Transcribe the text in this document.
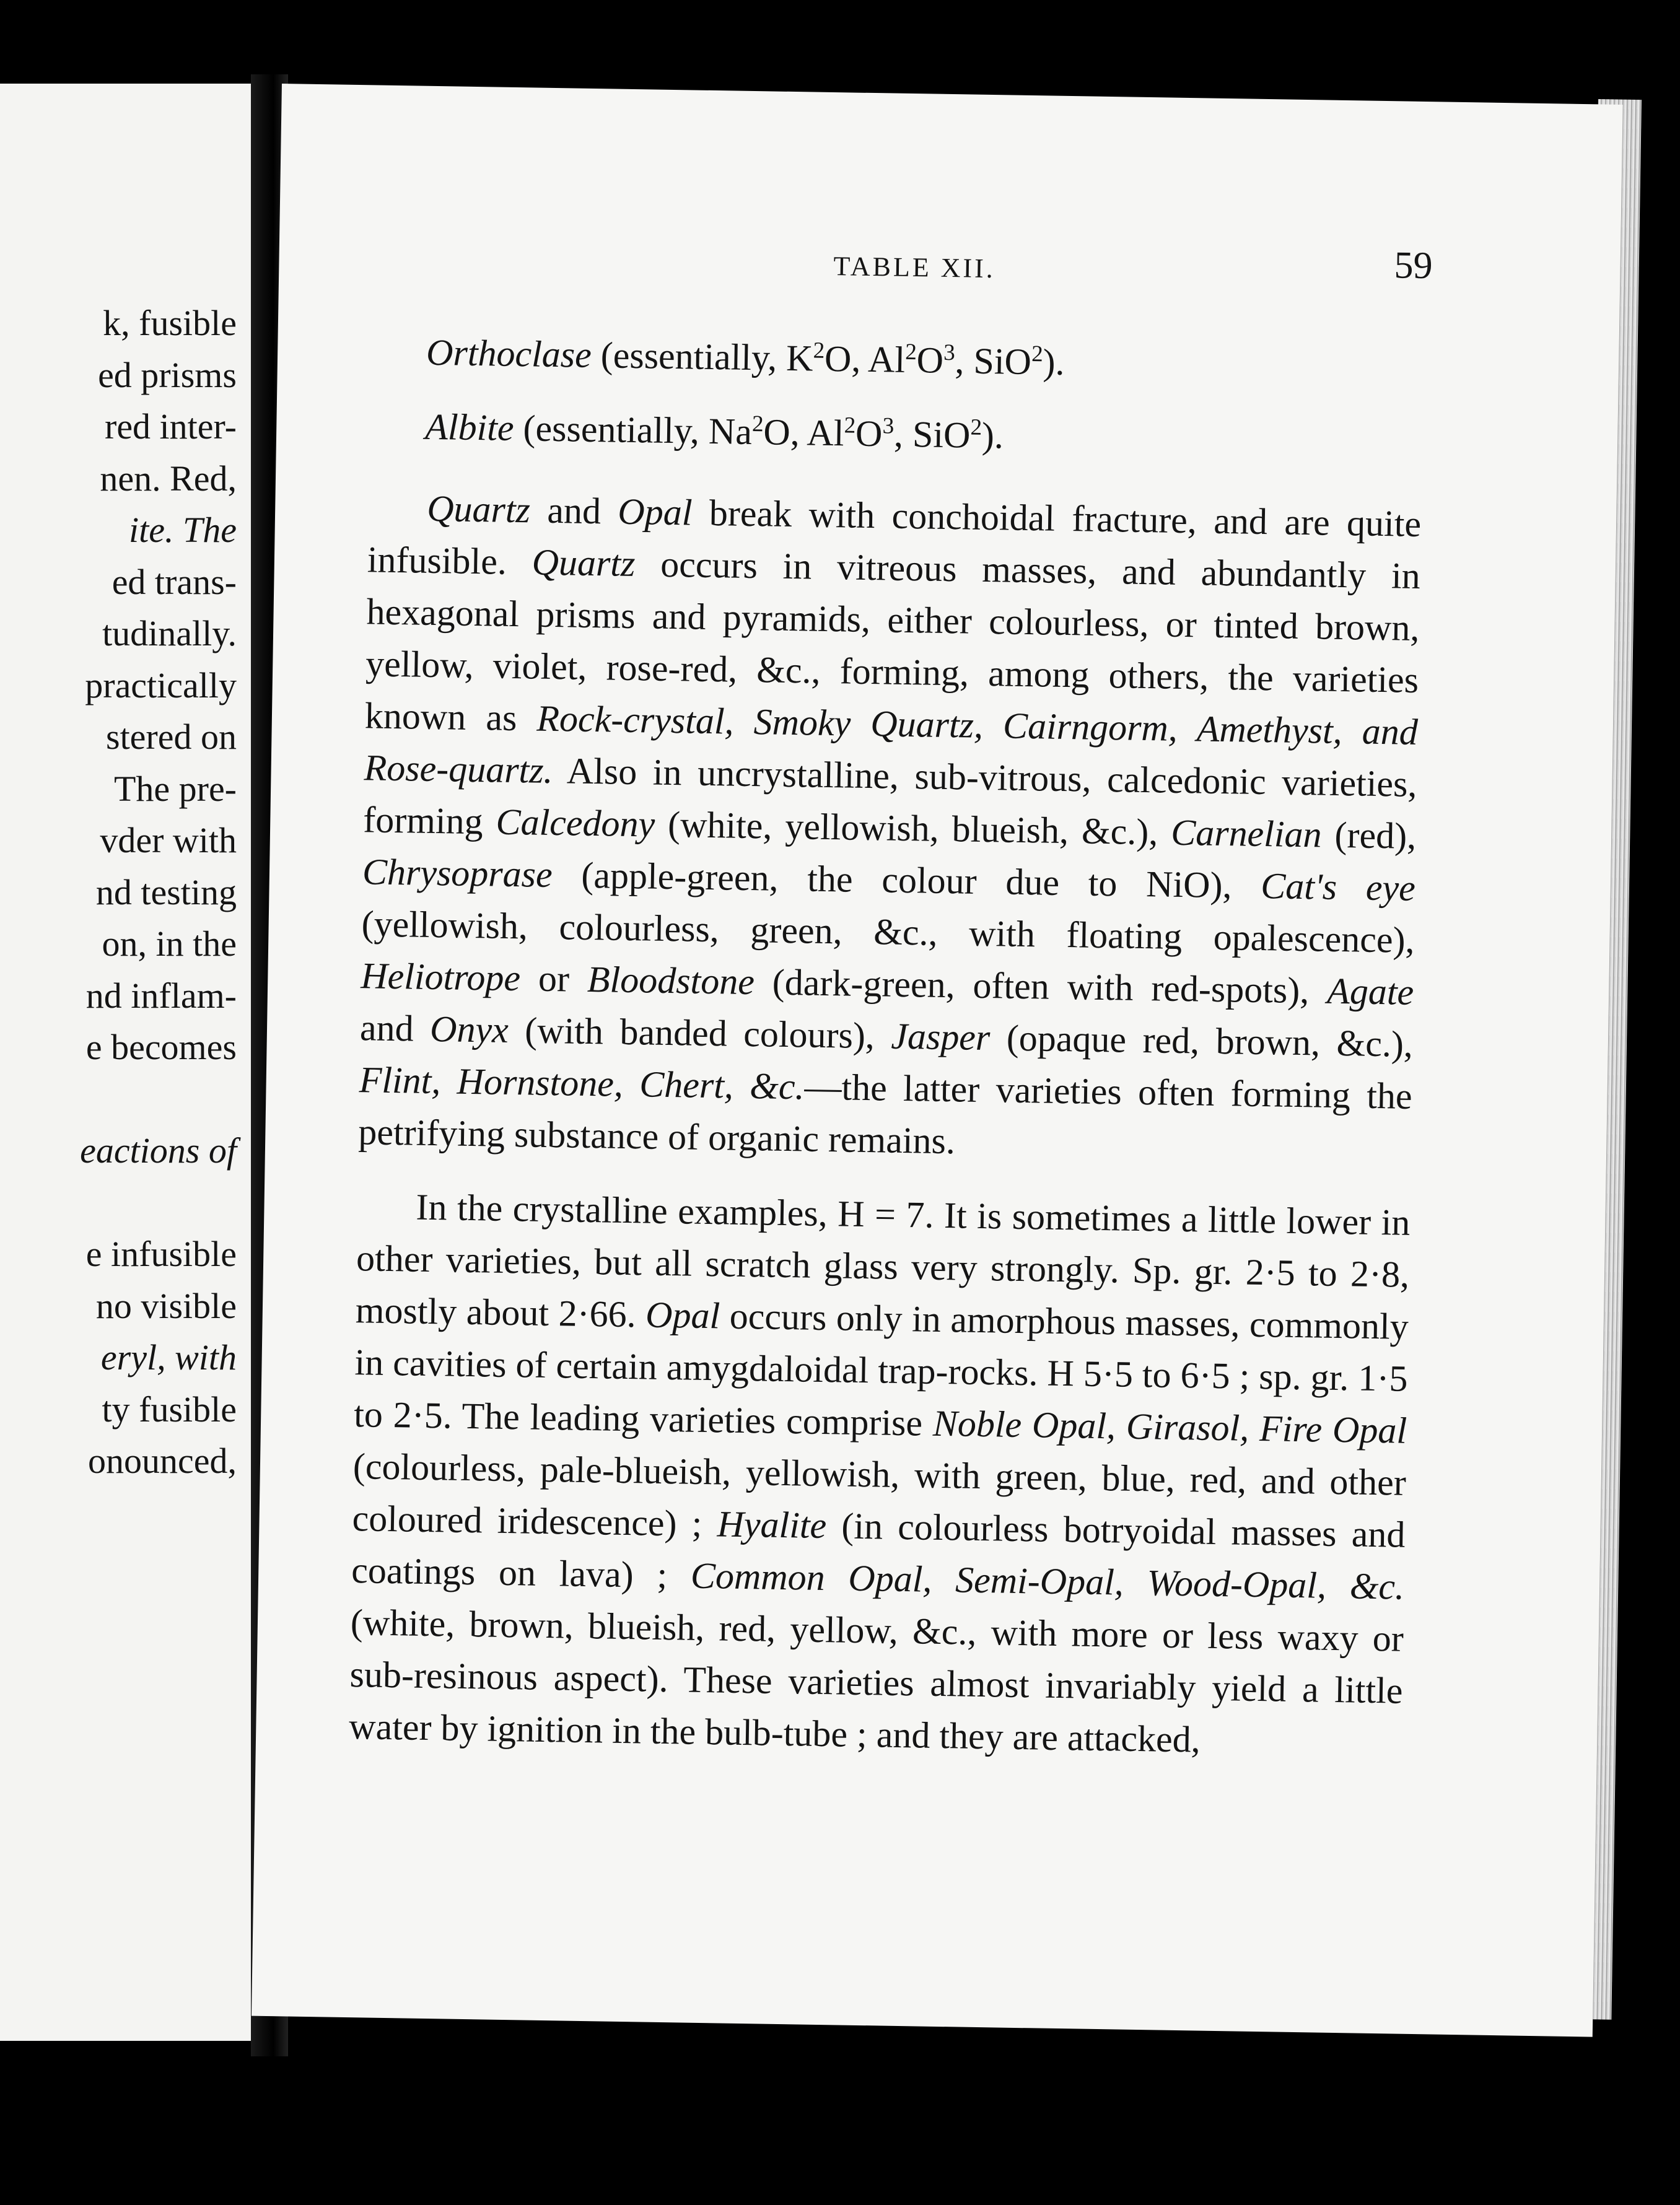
k, fusible
ed prisms
red inter-
nen. Red,
ite. The
ed trans-
tudinally.
practically
stered on
The pre-
vder with
nd testing
on, in the
nd inflam-
e becomes
eactions of
e infusible
no visible
eryl, with
ty fusible
onounced,
TABLE XII.	59
Orthoclase (essentially, $K^2O$, $Al^2O^3$, SiO$^2$).
Albite (essentially, Na$^2$O, $Al^2O^3$, SiO$^2$).

Quartz and Opal break with conchoidal fracture, and are quite infusible. Quartz occurs in vitreous masses, and abundantly in hexagonal prisms and pyramids, either colourless, or tinted brown, yellow, violet, rose-red, &c., forming, among others, the varieties known as Rock-crystal, Smoky Quartz, Cairngorm, Amethyst, and Rose-quartz. Also in uncrystalline, sub-vitrous, calcedonic varieties, forming Calcedony (white, yellowish, blueish, &c.), Carnelian (red), Chrysoprase (apple-green, the colour due to NiO), Cat's eye (yellowish, colourless, green, &c., with floating opalescence), Heliotrope or Bloodstone (dark-green, often with red-spots), Agate and Onyx (with banded colours), Jasper (opaque red, brown, &c.), Flint, Hornstone, Chert, &c.—the latter varieties often forming the petrifying substance of organic remains.

In the crystalline examples, H = 7. It is sometimes a little lower in other varieties, but all scratch glass very strongly. Sp. gr. 2·5 to 2·8, mostly about 2·66. Opal occurs only in amorphous masses, commonly in cavities of certain amygdaloidal trap-rocks. H 5·5 to 6·5 ; sp. gr. 1·5 to 2·5. The leading varieties comprise Noble Opal, Girasol, Fire Opal (colourless, pale-blueish, yellowish, with green, blue, red, and other coloured iridescence) ; Hyalite (in colourless botryoidal masses and coatings on lava) ; Common Opal, Semi-Opal, Wood-Opal, &c. (white, brown, blueish, red, yellow, &c., with more or less waxy or sub-resinous aspect). These varieties almost invariably yield a little water by ignition in the bulb-tube ; and they are attacked,
